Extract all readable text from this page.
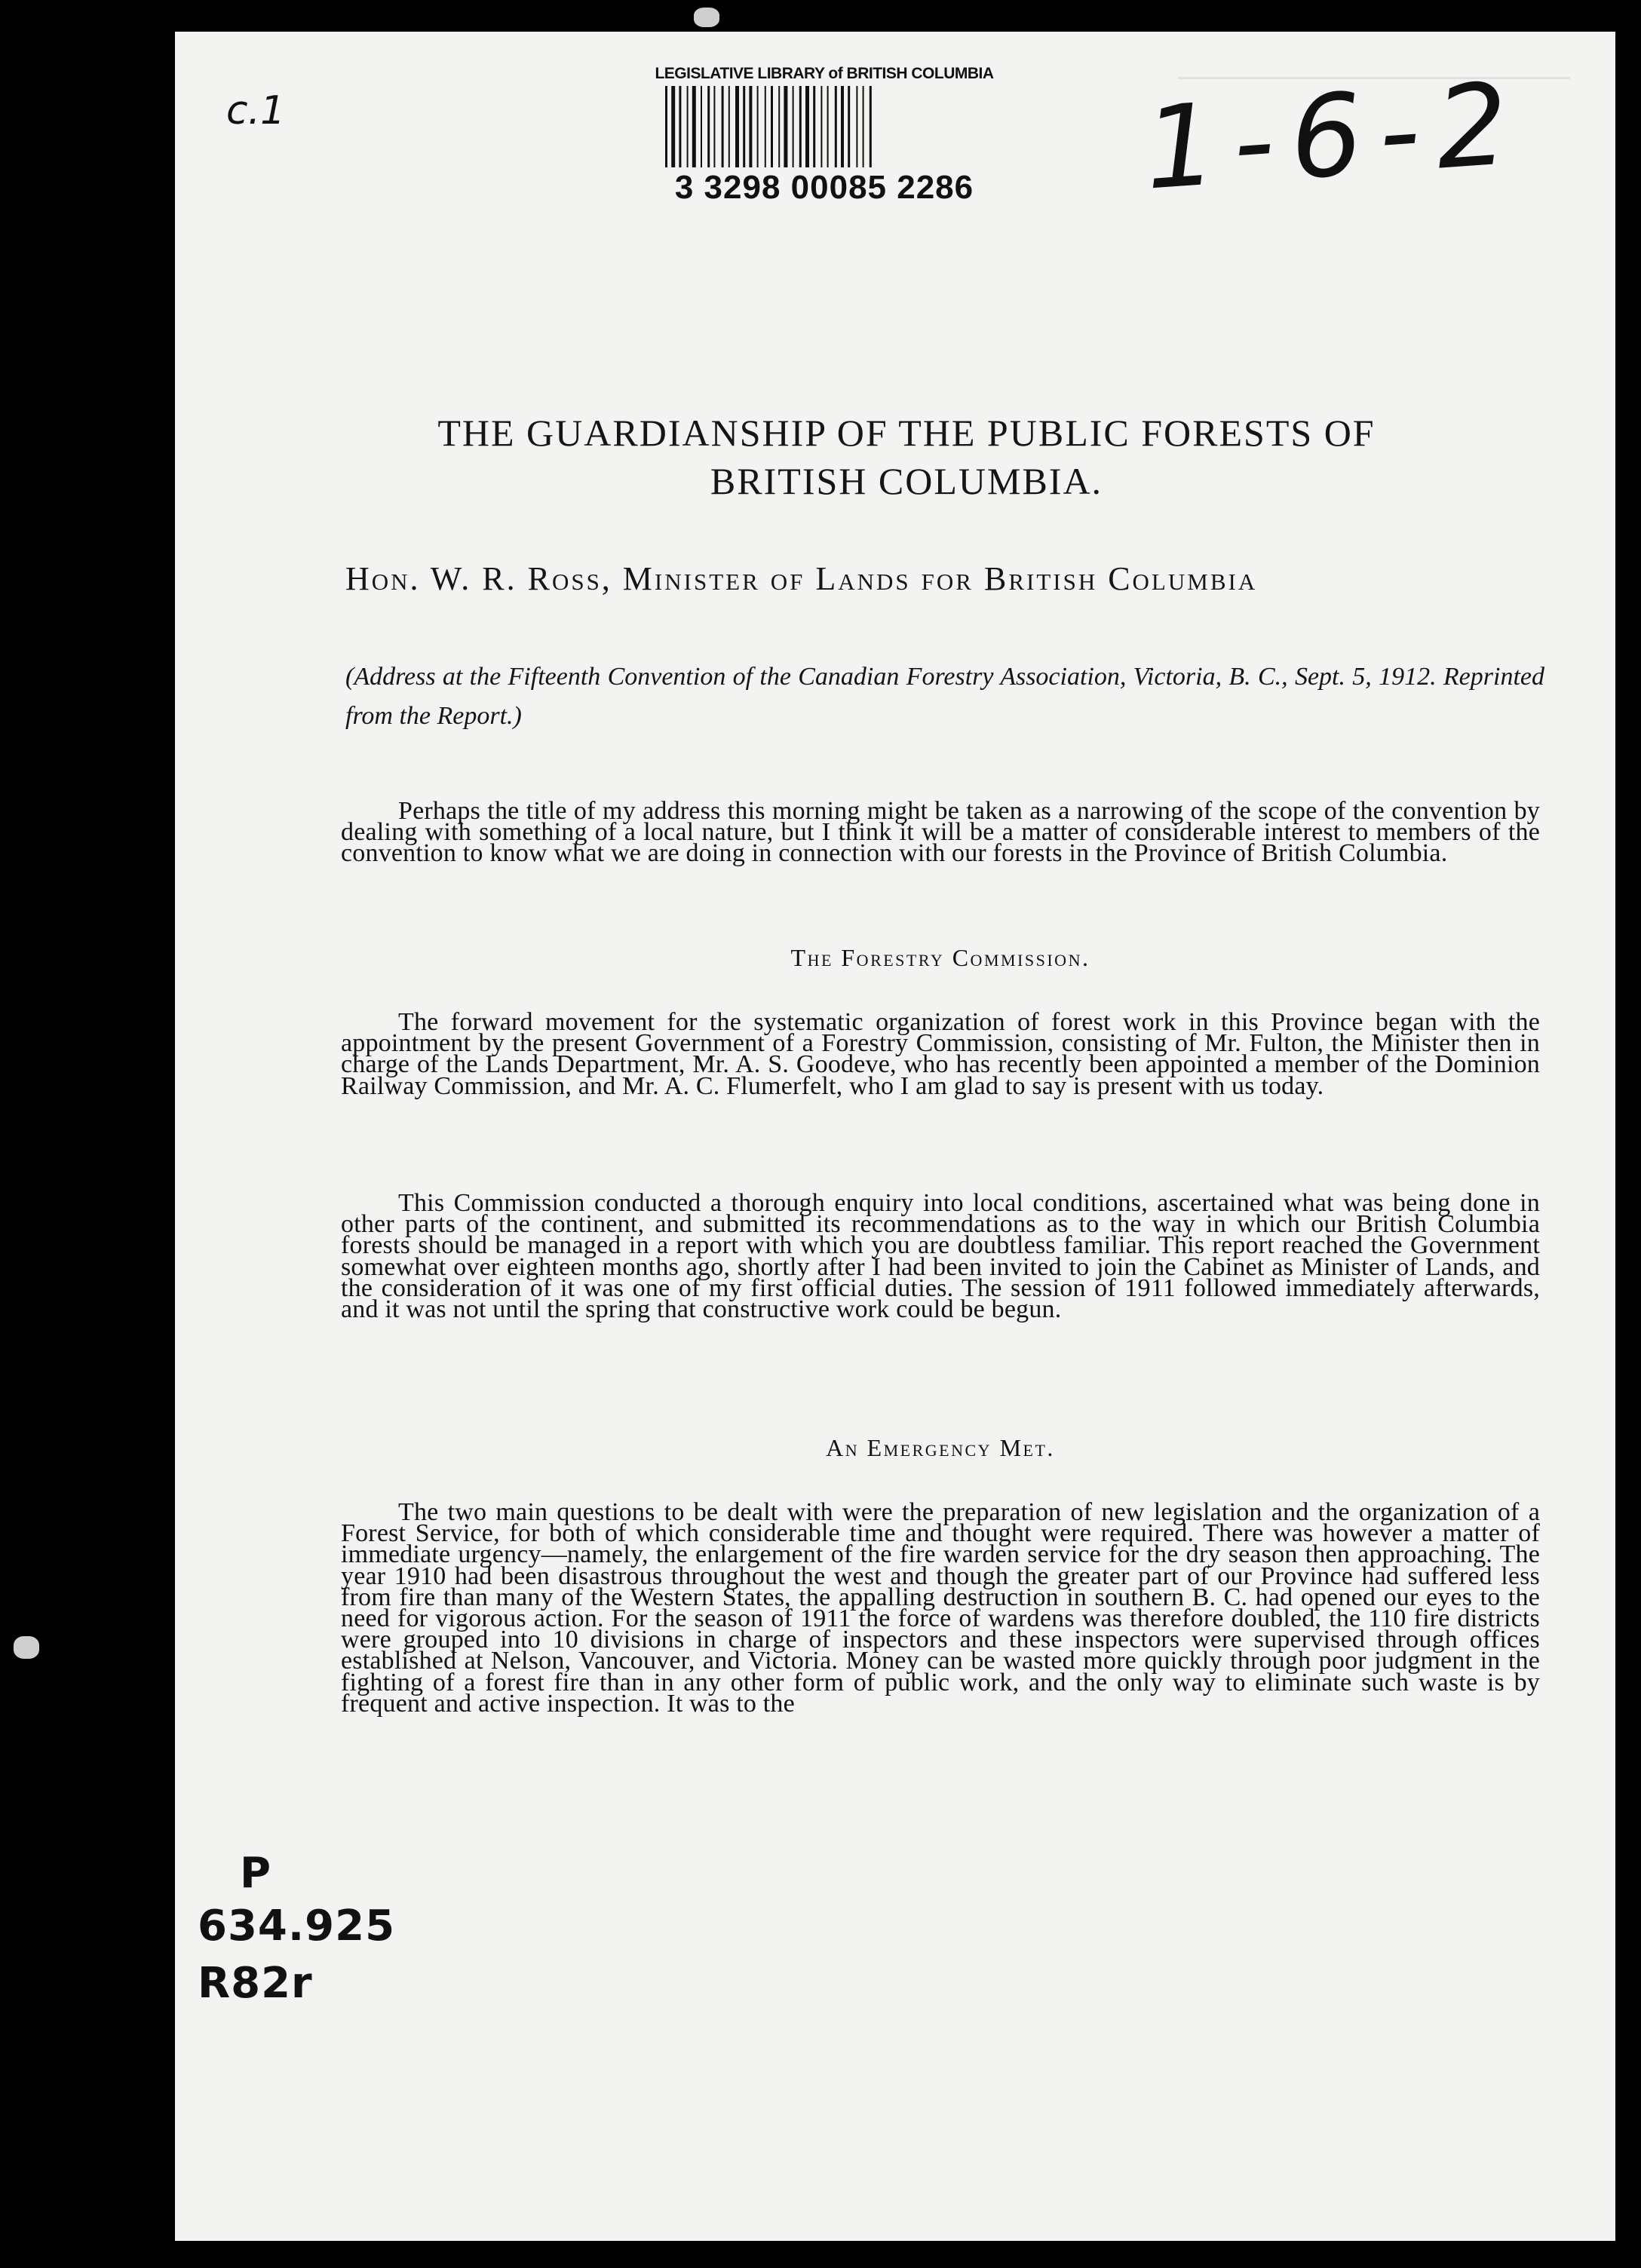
c.1
LEGISLATIVE LIBRARY of BRITISH COLUMBIA
3 3298 00085 2286 1-6-2
THE GUARDIANSHIP OF THE PUBLIC FORESTS OF
BRITISH COLUMBIA.
Hon. W. R. Ross, Minister of Lands for British Columbia
(Address at the Fifteenth Convention of the Canadian Forestry Association, Victoria, B. C., Sept. 5, 1912. Reprinted from the Report.)

Perhaps the title of my address this morning might be taken as a narrowing of the scope of the convention by dealing with something of a local nature, but I think it will be a matter of considerable interest to members of the convention to know what we are doing in connection with our forests in the Province of British Columbia.

The Forestry Commission.

The forward movement for the systematic organization of forest work in this Province began with the appointment by the present Government of a Forestry Commission, consisting of Mr. Fulton, the Minister then in charge of the Lands Department, Mr. A. S. Goodeve, who has recently been appointed a member of the Dominion Railway Commission, and Mr. A. C. Flumerfelt, who I am glad to say is present with us today.

This Commission conducted a thorough enquiry into local conditions, ascertained what was being done in other parts of the continent, and submitted its recommendations as to the way in which our British Columbia forests should be managed in a report with which you are doubtless familiar. This report reached the Government somewhat over eighteen months ago, shortly after I had been invited to join the Cabinet as Minister of Lands, and the consideration of it was one of my first official duties. The session of 1911 followed immediately afterwards, and it was not until the spring that constructive work could be begun.

An Emergency Met.

The two main questions to be dealt with were the preparation of new legislation and the organization of a Forest Service, for both of which considerable time and thought were required. There was however a matter of immediate urgency—namely, the enlargement of the fire warden service for the dry season then approaching. The year 1910 had been disastrous throughout the west and though the greater part of our Province had suffered less from fire than many of the Western States, the appalling destruction in southern B. C. had opened our eyes to the need for vigorous action. For the season of 1911 the force of wardens was therefore doubled, the 110 fire districts were grouped into 10 divisions in charge of inspectors and these inspectors were supervised through offices established at Nelson, Vancouver, and Victoria. Money can be wasted more quickly through poor judgment in the fighting of a forest fire than in any other form of public work, and the only way to eliminate such waste is by frequent and active inspection. It was to the

P
634.925
R82r
